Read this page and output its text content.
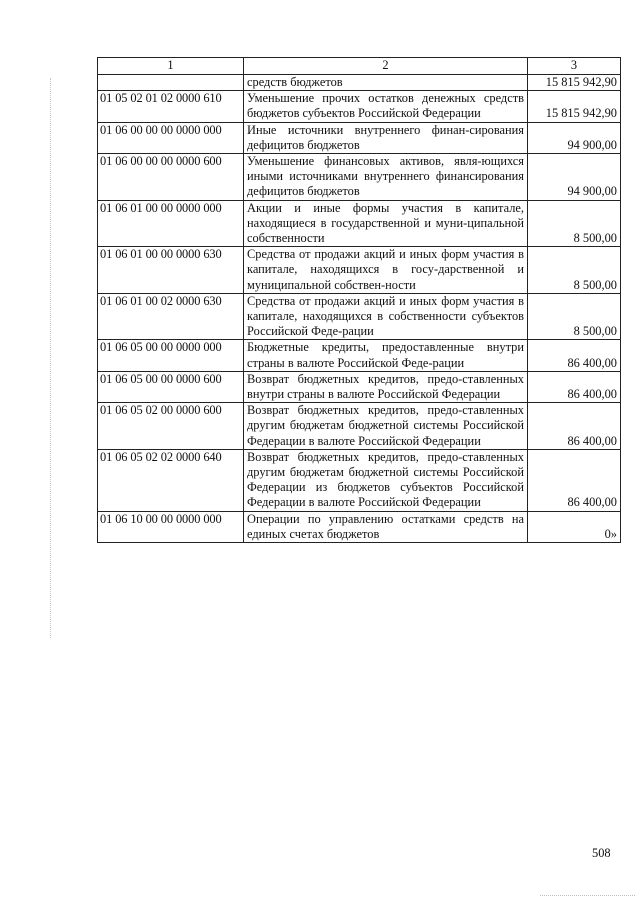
1	2	3
	средств бюджетов	15 815 942,90
01 05 02 01 02 0000 610	Уменьшение прочих остатков денежных средств бюджетов субъектов Российской Федерации	15 815 942,90
01 06 00 00 00 0000 000	Иные источники внутреннего финан-сирования дефицитов бюджетов	94 900,00
01 06 00 00 00 0000 600	Уменьшение финансовых активов, явля-ющихся иными источниками внутреннего финансирования дефицитов бюджетов	94 900,00
01 06 01 00 00 0000 000	Акции и иные формы участия в капитале, находящиеся в государственной и муни-ципальной собственности	8 500,00
01 06 01 00 00 0000 630	Средства от продажи акций и иных форм участия в капитале, находящихся в госу-дарственной и муниципальной собствен-ности	8 500,00
01 06 01 00 02 0000 630	Средства от продажи акций и иных форм участия в капитале, находящихся в собственности субъектов Российской Феде-рации	8 500,00
01 06 05 00 00 0000 000	Бюджетные кредиты, предоставленные внутри страны в валюте Российской Феде-рации	86 400,00
01 06 05 00 00 0000 600	Возврат бюджетных кредитов, предо-ставленных внутри страны в валюте Российской Федерации	86 400,00
01 06 05 02 00 0000 600	Возврат бюджетных кредитов, предо-ставленных другим бюджетам бюджетной системы Российской Федерации в валюте Российской Федерации	86 400,00
01 06 05 02 02 0000 640	Возврат бюджетных кредитов, предо-ставленных другим бюджетам бюджетной системы Российской Федерации из бюджетов субъектов Российской Федерации в валюте Российской Федерации	86 400,00
01 06 10 00 00 0000 000	Операции по управлению остатками средств на единых счетах бюджетов	0»
508
